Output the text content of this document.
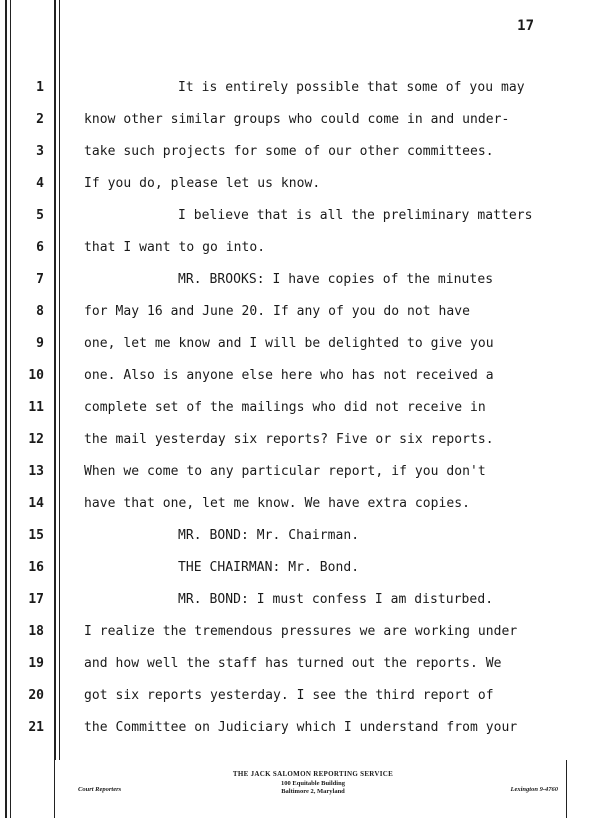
17
1
2
3
4
5
6
7
8
9
10
11
12
13
14
15
16
17
18
19
20
21
It is entirely possible that some of you may
know other similar groups who could come in and under-
take such projects for some of our other committees.
If you do, please let us know.
I believe that is all the preliminary matters
that I want to go into.
MR. BROOKS: I have copies of the minutes
for May 16 and June 20. If any of you do not have
one, let me know and I will be delighted to give you
one. Also is anyone else here who has not received a
complete set of the mailings who did not receive in
the mail yesterday six reports? Five or six reports.
When we come to any particular report, if you don't
have that one, let me know. We have extra copies.
MR. BOND: Mr. Chairman.
THE CHAIRMAN: Mr. Bond.
MR. BOND: I must confess I am disturbed.
I realize the tremendous pressures we are working under
and how well the staff has turned out the reports. We
got six reports yesterday. I see the third report of
the Committee on Judiciary which I understand from your
THE JACK SALOMON REPORTING SERVICE
100 Equitable Building
Baltimore 2, Maryland
Court Reporters	Lexington 9-4760
